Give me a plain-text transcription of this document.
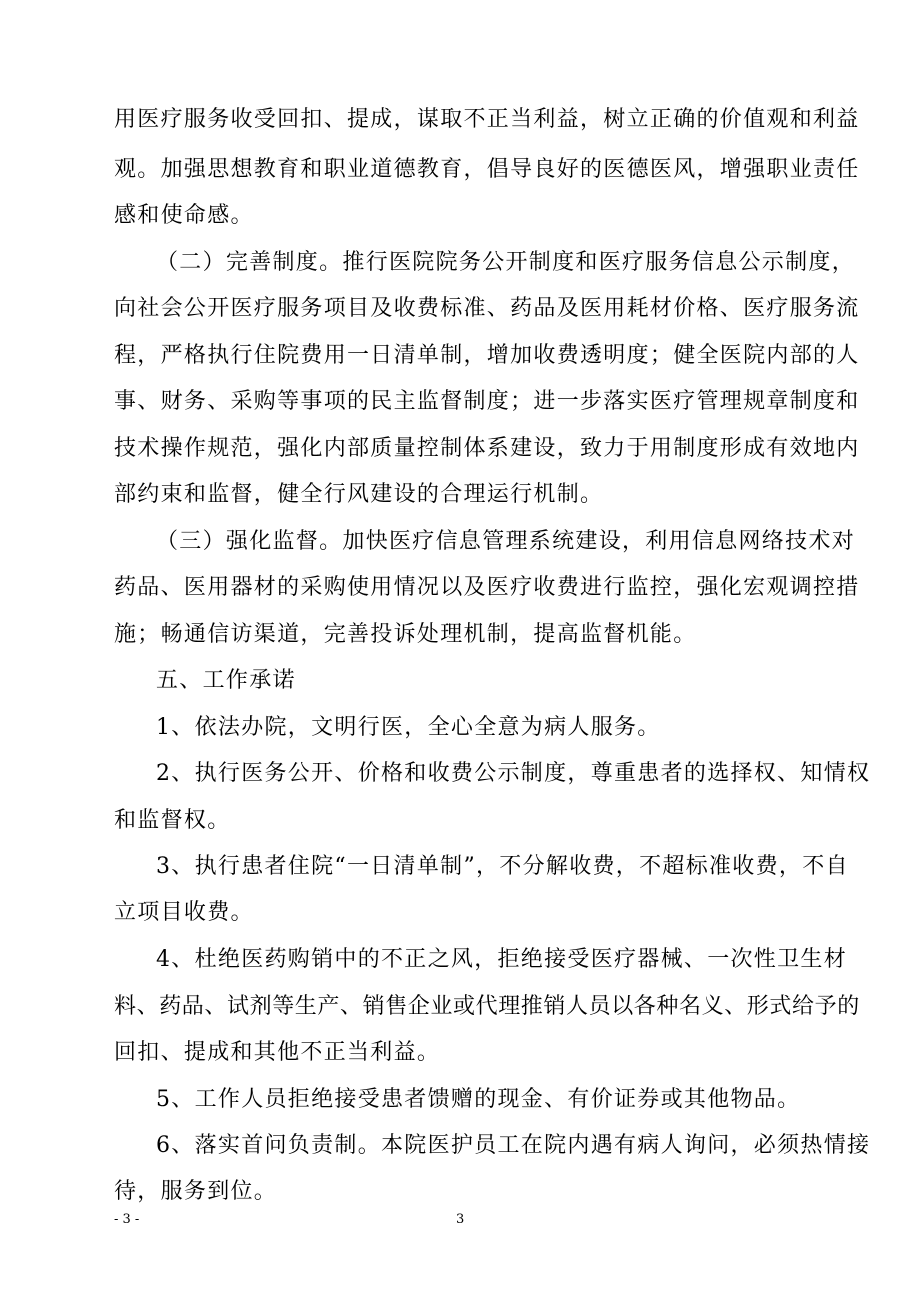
用医疗服务收受回扣、提成，谋取不正当利益，树立正确的价值观和利益
观。加强思想教育和职业道德教育，倡导良好的医德医风，增强职业责任
感和使命感。
（二）完善制度。推行医院院务公开制度和医疗服务信息公示制度，
向社会公开医疗服务项目及收费标准、药品及医用耗材价格、医疗服务流
程，严格执行住院费用一日清单制，增加收费透明度；健全医院内部的人
事、财务、采购等事项的民主监督制度；进一步落实医疗管理规章制度和
技术操作规范，强化内部质量控制体系建设，致力于用制度形成有效地内
部约束和监督，健全行风建设的合理运行机制。
（三）强化监督。加快医疗信息管理系统建设，利用信息网络技术对
药品、医用器材的采购使用情况以及医疗收费进行监控，强化宏观调控措
施；畅通信访渠道，完善投诉处理机制，提高监督机能。
五、工作承诺
1、依法办院，文明行医，全心全意为病人服务。
2、执行医务公开、价格和收费公示制度，尊重患者的选择权、知情权
和监督权。
3、执行患者住院“一日清单制”，不分解收费，不超标准收费，不自
立项目收费。
4、杜绝医药购销中的不正之风，拒绝接受医疗器械、一次性卫生材
料、药品、试剂等生产、销售企业或代理推销人员以各种名义、形式给予的
回扣、提成和其他不正当利益。
5、工作人员拒绝接受患者馈赠的现金、有价证券或其他物品。
6、落实首问负责制。本院医护员工在院内遇有病人询问，必须热情接
待，服务到位。
- 3 -	3
